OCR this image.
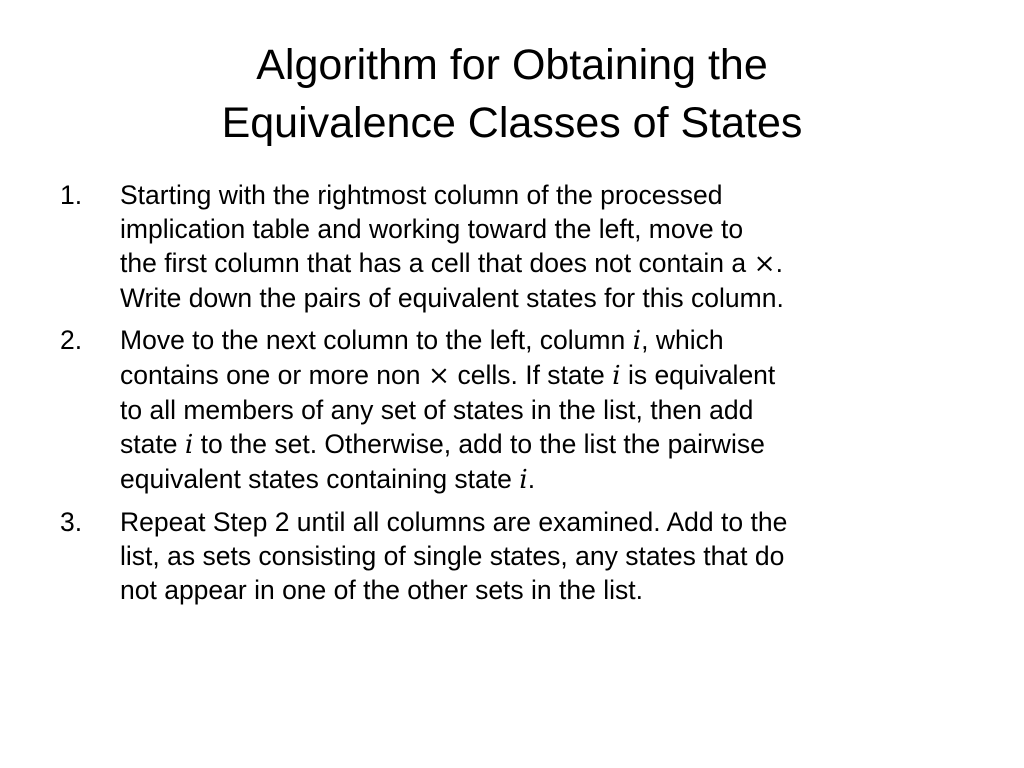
Algorithm for Obtaining the
Equivalence Classes of States
1. Starting with the rightmost column of the processed
implication table and working toward the left, move to
the first column that has a cell that does not contain a ×.
Write down the pairs of equivalent states for this column.
2. Move to the next column to the left, column i, which
contains one or more non × cells. If state i is equivalent
to all members of any set of states in the list, then add
state i to the set. Otherwise, add to the list the pairwise
equivalent states containing state i.
3. Repeat Step 2 until all columns are examined. Add to the
list, as sets consisting of single states, any states that do
not appear in one of the other sets in the list.
